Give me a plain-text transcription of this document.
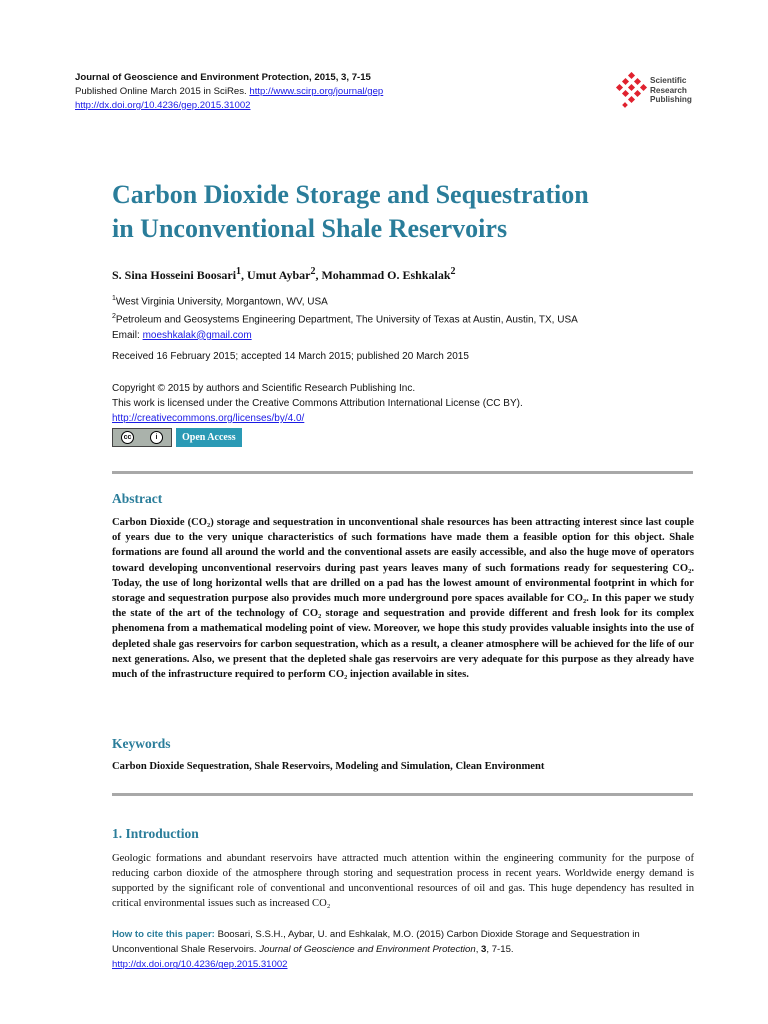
Journal of Geoscience and Environment Protection, 2015, 3, 7-15
Published Online March 2015 in SciRes. http://www.scirp.org/journal/gep
http://dx.doi.org/10.4236/gep.2015.31002
Scientific
Research
Publishing
Carbon Dioxide Storage and Sequestration
in Unconventional Shale Reservoirs
S. Sina Hosseini Boosari$^1$, Umut Aybar$^2$, Mohammad O. Eshkalak$^2$
$^1$West Virginia University, Morgantown, WV, USA
$^2$Petroleum and Geosystems Engineering Department, The University of Texas at Austin, Austin, TX, USA
Email: moeshkalak@gmail.com
Received 16 February 2015; accepted 14 March 2015; published 20 March 2015
Copyright © 2015 by authors and Scientific Research Publishing Inc.
This work is licensed under the Creative Commons Attribution International License (CC BY).
http://creativecommons.org/licenses/by/4.0/
cc	i	Open Access
Abstract

Carbon Dioxide (CO₂) storage and sequestration in unconventional shale resources has been attracting interest since last couple of years due to the very unique characteristics of such formations have made them a feasible option for this object. Shale formations are found all around the world and the conventional assets are easily accessible, and also the huge move of operators toward developing unconventional reservoirs during past years leaves many of such formations ready for sequestering CO₂. Today, the use of long horizontal wells that are drilled on a pad has the lowest amount of environmental footprint in which for storage and sequestration purpose also provides much more underground pore spaces available for CO₂. In this paper we study the state of the art of the technology of CO₂ storage and sequestration and provide different and fresh look for its complex phenomena from a mathematical modeling point of view. Moreover, we hope this study provides valuable insights into the use of depleted shale gas reservoirs for carbon sequestration, which as a result, a cleaner atmosphere will be achieved for the life of our next generations. Also, we present that the depleted shale gas reservoirs are very adequate for this purpose as they already have much of the infrastructure required to perform CO₂ injection available in sites.

Keywords
Carbon Dioxide Sequestration, Shale Reservoirs, Modeling and Simulation, Clean Environment
1. Introduction

Geologic formations and abundant reservoirs have attracted much attention within the engineering community for the purpose of reducing carbon dioxide of the atmosphere through storing and sequestration process in recent years. Worldwide energy demand is supported by the significant role of conventional and unconventional resources of oil and gas. This huge dependency has resulted in critical environmental issues such as increased CO₂

How to cite this paper: Boosari, S.S.H., Aybar, U. and Eshkalak, M.O. (2015) Carbon Dioxide Storage and Sequestration in Unconventional Shale Reservoirs. Journal of Geoscience and Environment Protection, 3, 7-15.
http://dx.doi.org/10.4236/gep.2015.31002
